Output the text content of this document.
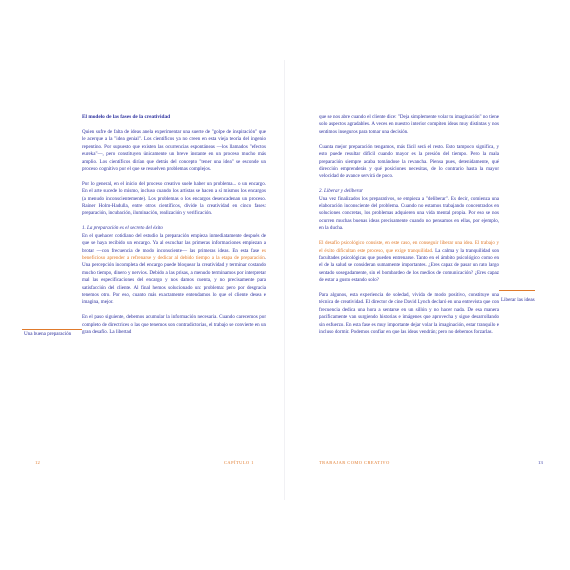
El modelo de las fases de la creatividad

Quien sufre de falta de ideas anela experimentar una suerte de "golpe de inspiración" que le acerque a la "idea genial". Los científicos ya no creen en esta vieja teoría del ingenio repentino. Por supuesto que existen las ocurrencias espontáneas —los llamados "efectos eureka"—, pero constituyen únicamente un breve instante en un proceso mucho más amplio. Los científicos dirían que detrás del concepto "tener una idea" se esconde un proceso cognitivo por el que se resuelven problemas complejos.

Por lo general, en el inicio del proceso creativo suele haber un problema... o un encargo. En el arte sucede lo mismo, incluso cuando los artistas se hacen a sí mismos los encargos (a menudo inconscientemente). Los problemas o los encargos desencadenan un proceso. Rainer Holm-Hadulla, entre otros científicos, divide la creatividad en cinco fases: preparación, incubación, iluminación, realización y verificación.

1. La preparación es el secreto del éxito

En el quehacer cotidiano del estudio la preparación empieza inmediatamente después de que se haya recibido un encargo. Ya al escuchar las primeras informaciones empiezan a brotar —con frecuencia de modo inconsciente— las primeras ideas. En esta fase es beneficioso aprender a refrenarse y dedicar al debido tiempo a la etapa de preparación. Una percepción incompleta del encargo puede bloquear la creatividad y terminar costando mucho tiempo, dinero y nervios. Debido a las prisas, a menudo terminamos por interpretar mal las especificaciones del encargo y nos damos cuenta, y no precisamente para satisfacción del cliente. Al final hemos solucionado un: problema: pero por desgracia tenemos otro. Por eso, cuanto más exactamente entendamos lo que el cliente desea e imagina, mejor.

En el paso siguiente, debemos acumular la información necesaria. Cuando carecemos por completo de directrices o las que tenemos son contradictorias, el trabajo se convierte en un gran desafío. La libertad

Una buena preparación
12	CAPÍTULO 1

que se nos abre cuando el cliente dice: "Deja simplemente volar tu imaginación" no tiene solo aspectos agradables. A veces en nuestro interior compiten ideas muy distintas y nos sentimos inseguros para tomar una decisión.

Cuanta mejor preparación tengamos, más fácil será el resto. Esto tampoco significa, y esto puede resultar difícil cuando mayor es la presión del tiempo. Pero la mala preparación siempre acaba tomándose la revancha. Piensa pues, detenidamente, qué dirección emprenderás y qué posiciones necesitas, de lo contrario hasta la mayor velocidad de avance servirá de poco.

2. Liberar y deliberar

Una vez finalizados los preparativos, se empieza a "deliberar". Es decir, comienza una elaboración inconsciente del problema. Cuando no estamos trabajando concentrados en soluciones concretas, los problemas adquieren una vida mental propia. Por eso se nos ocurren muchas buenas ideas precisamente cuando no pensamos en ellas, por ejemplo, en la ducha.

El desafío psicológico consiste, en este caso, en conseguir liberar una idea. El trabajo y el éxito dificultan este proceso, que exige tranquilidad. La calma y la tranquilidad son facultades psicológicas que pueden entrenarse. Tanto en el ámbito psicológico como en el de la salud se consideran sumamente importantes. ¿Eres capaz de pasar un rato largo sentado sosegadamente, sin el bombardeo de los medios de comunicación? ¿Eres capaz de estar a gusto estando solo?

Para algunos, esta experiencia de soledad, vivida de modo positivo, constituye una técnica de creatividad. El director de cine David Lynch declaró en una entrevista que con frecuencia dedica una hora a sentarse en un sillón y no hacer nada. De esa manera pacíficamente van surgiendo historias e imágenes que aprovecha y sigue desarrollando sin esfuerzo. En esta fase es muy importante dejar volar la imaginación, estar tranquilo e incluso dormir. Podemos confiar en que las ideas vendrán; pero no debemos forzarlas.

Liberar las ideas
TRABAJAR COMO CREATIVO	13
